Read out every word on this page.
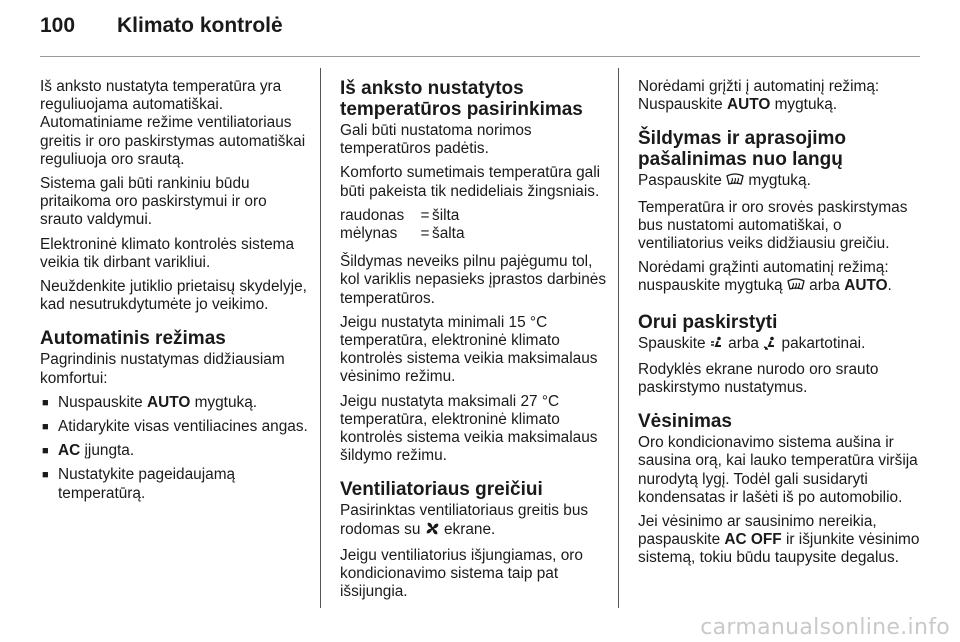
100 Klimato kontrolė

Iš anksto nustatyta temperatūra yra reguliuojama automatiškai. Automatiniame režime ventiliatoriaus greitis ir oro paskirstymas automatiškai reguliuoja oro srautą.

Sistema gali būti rankiniu būdu pritaikoma oro paskirstymui ir oro srauto valdymui.

Elektroninė klimato kontrolės sistema veikia tik dirbant varikliui.

Neuždenkite jutiklio prietaisų skydelyje, kad nesutrukdytumėte jo veikimo.

Automatinis režimas

Pagrindinis nustatymas didžiausiam komfortui:

■ Nuspauskite AUTO mygtuką.
■ Atidarykite visas ventiliacines angas.
■ AC įjungta.
■ Nustatykite pageidaujamą temperatūrą.
Iš anksto nustatytos temperatūros pasirinkimas

Gali būti nustatoma norimos temperatūros padėtis.

Komforto sumetimais temperatūra gali būti pakeista tik nedideliais žingsniais.

raudonas	=	šilta
mėlynas	=	šalta

Šildymas neveiks pilnu pajėgumu tol, kol variklis nepasieks įprastos darbinės temperatūros.

Jeigu nustatyta minimali 15 °C temperatūra, elektroninė klimato kontrolės sistema veikia maksimalaus vėsinimo režimu.

Jeigu nustatyta maksimali 27 °C temperatūra, elektroninė klimato kontrolės sistema veikia maksimalaus šildymo režimu.

Ventiliatoriaus greičiui

Pasirinktas ventiliatoriaus greitis bus rodomas su  ekrane.

Jeigu ventiliatorius išjungiamas, oro kondicionavimo sistema taip pat išsijungia.

Norėdami grįžti į automatinį režimą: Nuspauskite AUTO mygtuką.

Šildymas ir aprasojimo pašalinimas nuo langų

Paspauskite  mygtuką.

Temperatūra ir oro srovės paskirstymas bus nustatomi automatiškai, o ventiliatorius veiks didžiausiu greičiu.

Norėdami grąžinti automatinį režimą: nuspauskite mygtuką  arba AUTO.

Orui paskirstyti

Spauskite  arba  pakartotinai.

Rodyklės ekrane nurodo oro srauto paskirstymo nustatymus.

Vėsinimas

Oro kondicionavimo sistema aušina ir sausina orą, kai lauko temperatūra viršija nurodytą lygį. Todėl gali susidaryti kondensatas ir lašėti iš po automobilio.

Jei vėsinimo ar sausinimo nereikia, paspauskite AC OFF ir išjunkite vėsinimo sistemą, tokiu būdu taupysite degalus.

carmanualsonline.info
